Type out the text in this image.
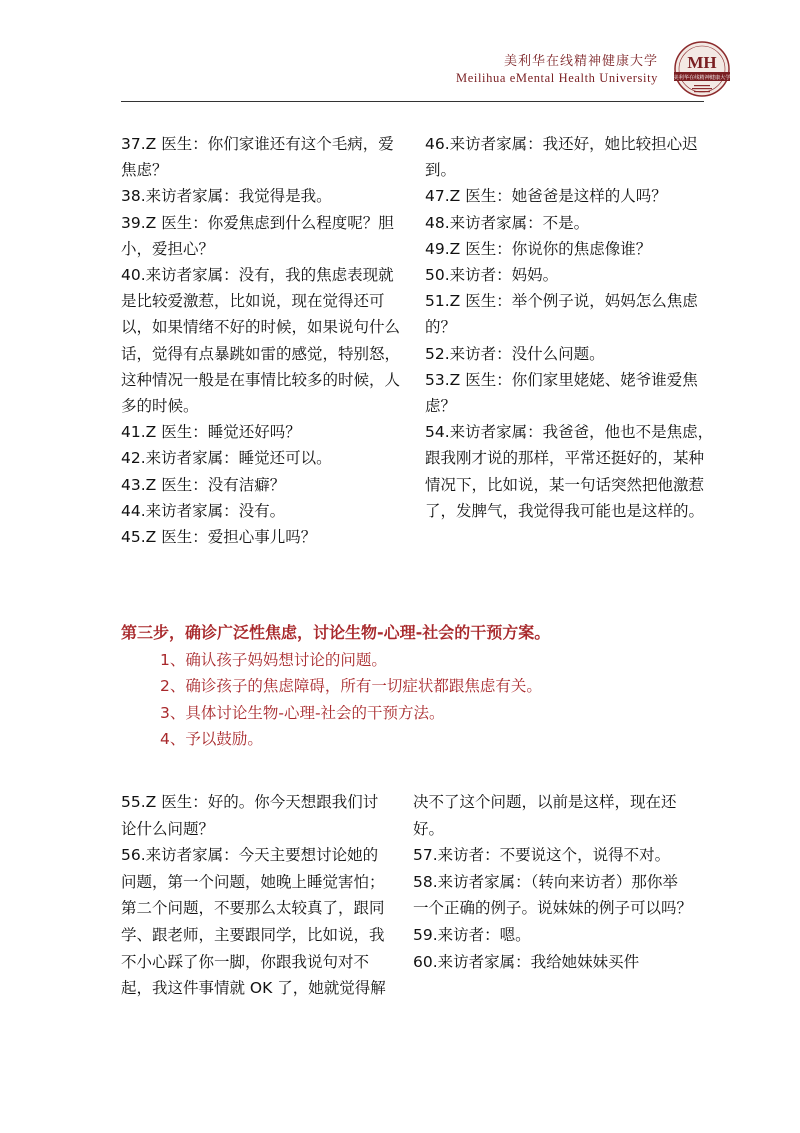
美利华在线精神健康大学
Meilihua eMental Health University
MH
美利华在线精神健康大学

37.Z 医生：你们家谁还有这个毛病，爱焦虑？

38.来访者家属：我觉得是我。

39.Z 医生：你爱焦虑到什么程度呢？胆小，爱担心？

40.来访者家属：没有，我的焦虑表现就是比较爱激惹，比如说，现在觉得还可以，如果情绪不好的时候，如果说句什么话，觉得有点暴跳如雷的感觉，特别怒，这种情况一般是在事情比较多的时候，人多的时候。

41.Z 医生：睡觉还好吗？

42.来访者家属：睡觉还可以。

43.Z 医生：没有洁癖？

44.来访者家属：没有。

45.Z 医生：爱担心事儿吗？

46.来访者家属：我还好，她比较担心迟到。

47.Z 医生：她爸爸是这样的人吗？

48.来访者家属：不是。

49.Z 医生：你说你的焦虑像谁？

50.来访者：妈妈。

51.Z 医生：举个例子说，妈妈怎么焦虑的？

52.来访者：没什么问题。

53.Z 医生：你们家里姥姥、姥爷谁爱焦虑？

54.来访者家属：我爸爸，他也不是焦虑，跟我刚才说的那样，平常还挺好的，某种情况下，比如说，某一句话突然把他激惹了，发脾气，我觉得我可能也是这样的。

第三步，确诊广泛性焦虑，讨论生物-心理-社会的干预方案。
1、确认孩子妈妈想讨论的问题。
2、确诊孩子的焦虑障碍，所有一切症状都跟焦虑有关。
3、具体讨论生物-心理-社会的干预方法。
4、予以鼓励。

55.Z 医生：好的。你今天想跟我们讨论什么问题？

56.来访者家属：今天主要想讨论她的问题，第一个问题，她晚上睡觉害怕；第二个问题，不要那么太较真了，跟同学、跟老师，主要跟同学，比如说，我不小心踩了你一脚，你跟我说句对不起，我这件事情就 OK 了，她就觉得解

决不了这个问题，以前是这样，现在还好。

57.来访者：不要说这个，说得不对。

58.来访者家属：（转向来访者）那你举一个正确的例子。说妹妹的例子可以吗？

59.来访者：嗯。

60.来访者家属：我给她妹妹买件
